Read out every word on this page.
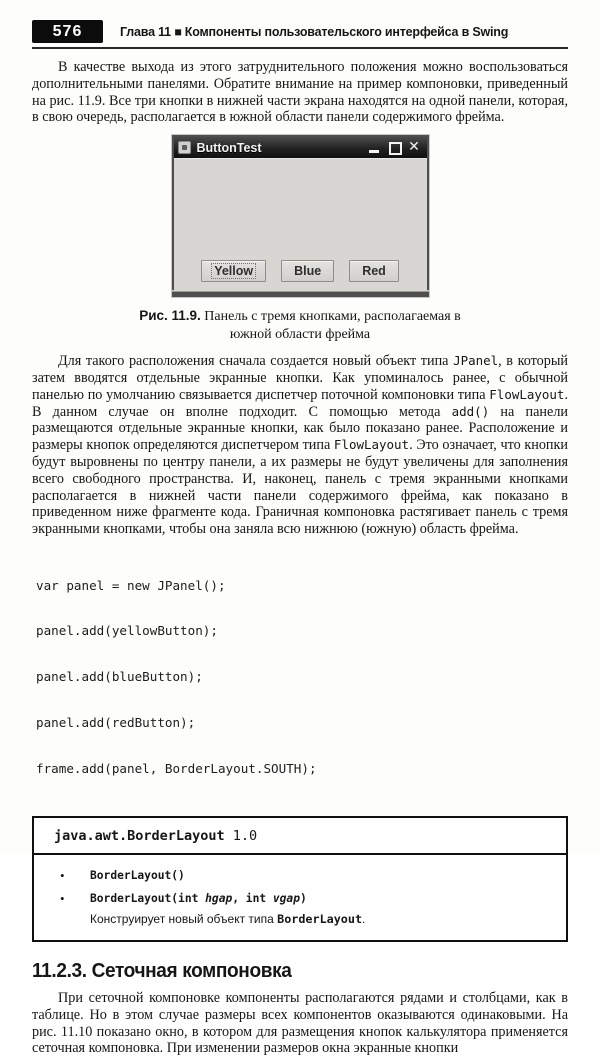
576	Глава 11 ■ Компоненты пользовательского интерфейса в Swing

В качестве выхода из этого затруднительного положения можно воспользоваться дополнительными панелями. Обратите внимание на пример компоновки, приведенный на рис. 11.9. Все три кнопки в нижней части экрана находятся на одной панели, которая, в свою очередь, располагается в южной области панели содержимого фрейма.

ButtonTest	✕
Yellow	Blue	Red
Рис. 11.9. Панель с тремя кнопками, располагаемая в южной области фрейма

Для такого расположения сначала создается новый объект типа JPanel, в который затем вводятся отдельные экранные кнопки. Как упоминалось ранее, с обычной панелью по умолчанию связывается диспетчер поточной компоновки типа FlowLayout. В данном случае он вполне подходит. С помощью метода add() на панели размещаются отдельные экранные кнопки, как было показано ранее. Расположение и размеры кнопок определяются диспетчером типа FlowLayout. Это означает, что кнопки будут выровнены по центру панели, а их размеры не будут увеличены для заполнения всего свободного пространства. И, наконец, панель с тремя экранными кнопками располагается в нижней части панели содержимого фрейма, как показано в приведенном ниже фрагменте кода. Граничная компоновка растягивает панель с тремя экранными кнопками, чтобы она заняла всю нижнюю (южную) область фрейма.

var panel = new JPanel();

panel.add(yellowButton);

panel.add(blueButton);

panel.add(redButton);

frame.add(panel, BorderLayout.SOUTH);

java.awt.BorderLayout 1.0
•	BorderLayout()
•	BorderLayout(int hgap, int vgap)
Конструирует новый объект типа BorderLayout.
11.2.3. Сеточная компоновка

При сеточной компоновке компоненты располагаются рядами и столбцами, как в таблице. Но в этом случае размеры всех компонентов оказываются одинаковыми. На рис. 11.10 показано окно, в котором для размещения кнопок калькулятора применяется сеточная компоновка. При изменении размеров окна экранные кнопки
